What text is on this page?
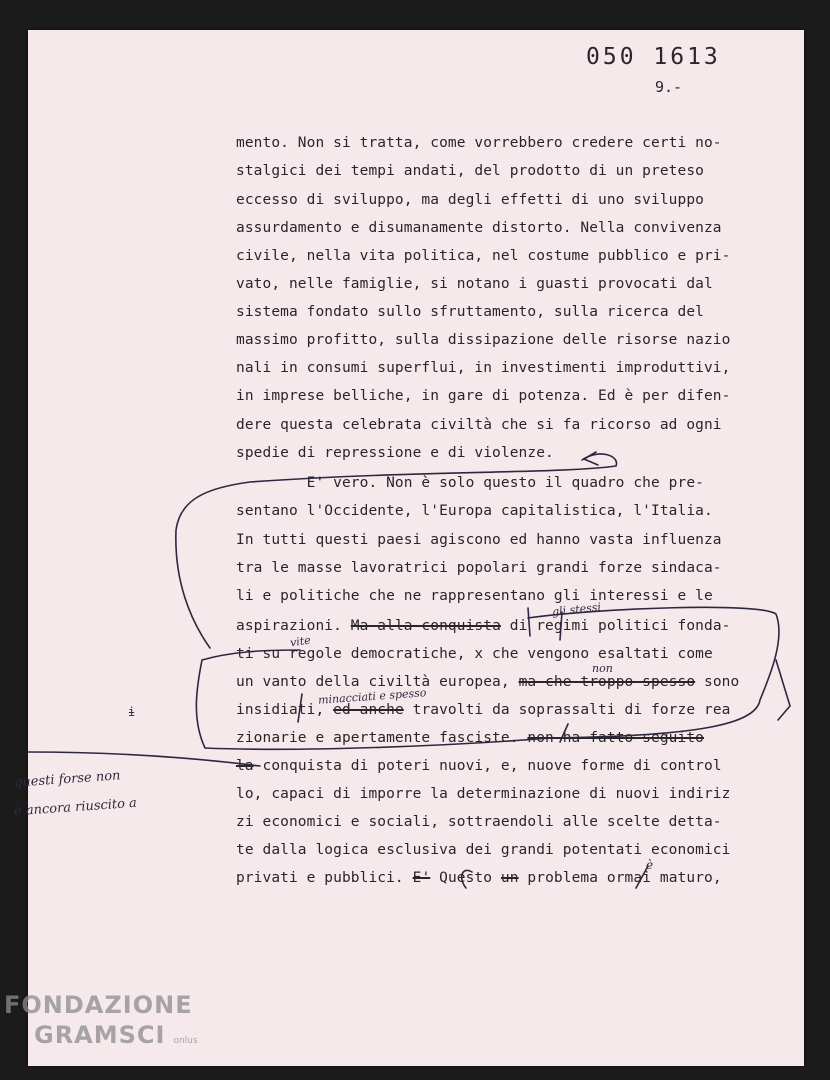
050 1613
9.-
mento. Non si tratta, come vorrebbero credere certi no-
stalgici dei tempi andati, del prodotto di un preteso
eccesso di sviluppo, ma degli effetti di uno sviluppo
assurdamento e disumanamente distorto. Nella convivenza
civile, nella vita politica, nel costume pubblico e pri-
vato, nelle famiglie, si notano i guasti provocati dal
sistema fondato sullo sfruttamento, sulla ricerca del
massimo profitto, sulla dissipazione delle risorse nazio
nali in consumi superflui, in investimenti improduttivi,
in imprese belliche, in gare di potenza. Ed è per difen-
dere questa celebrata civiltà che si fa ricorso ad ogni
spedie di repressione e di violenze.
E' vero. Non è solo questo il quadro che pre-
sentano l'Occidente, l'Europa capitalistica, l'Italia.
In tutti questi paesi agiscono ed hanno vasta influenza
tra le masse lavoratrici popolari grandi forze sindaca-
li e politiche che ne rappresentano gli interessi e le
aspirazioni. Ma alla conquista di regimi politici fonda-
ti su regole democratiche, x che vengono esaltati come
un vanto della civiltà europea, ma che troppo spesso sono
insidiati, ed anche travolti da soprassalti di forze rea
zionarie e apertamente fasciste. non ha fatto seguito
la conquista di poteri nuovi, e, nuove forme di control
lo, capaci di imporre la determinazione di nuovi indiriz
zi economici e sociali, sottraendoli alle scelte detta-
te dalla logica esclusiva dei grandi potentati economici
privati e pubblici. E' Questo un problema ormai maturo,
gli stessi
vite
non
minacciati e spesso
è
questi forse non
è ancora riuscito a
ɨ
FONDAZIONE
GRAMSCI onlus
